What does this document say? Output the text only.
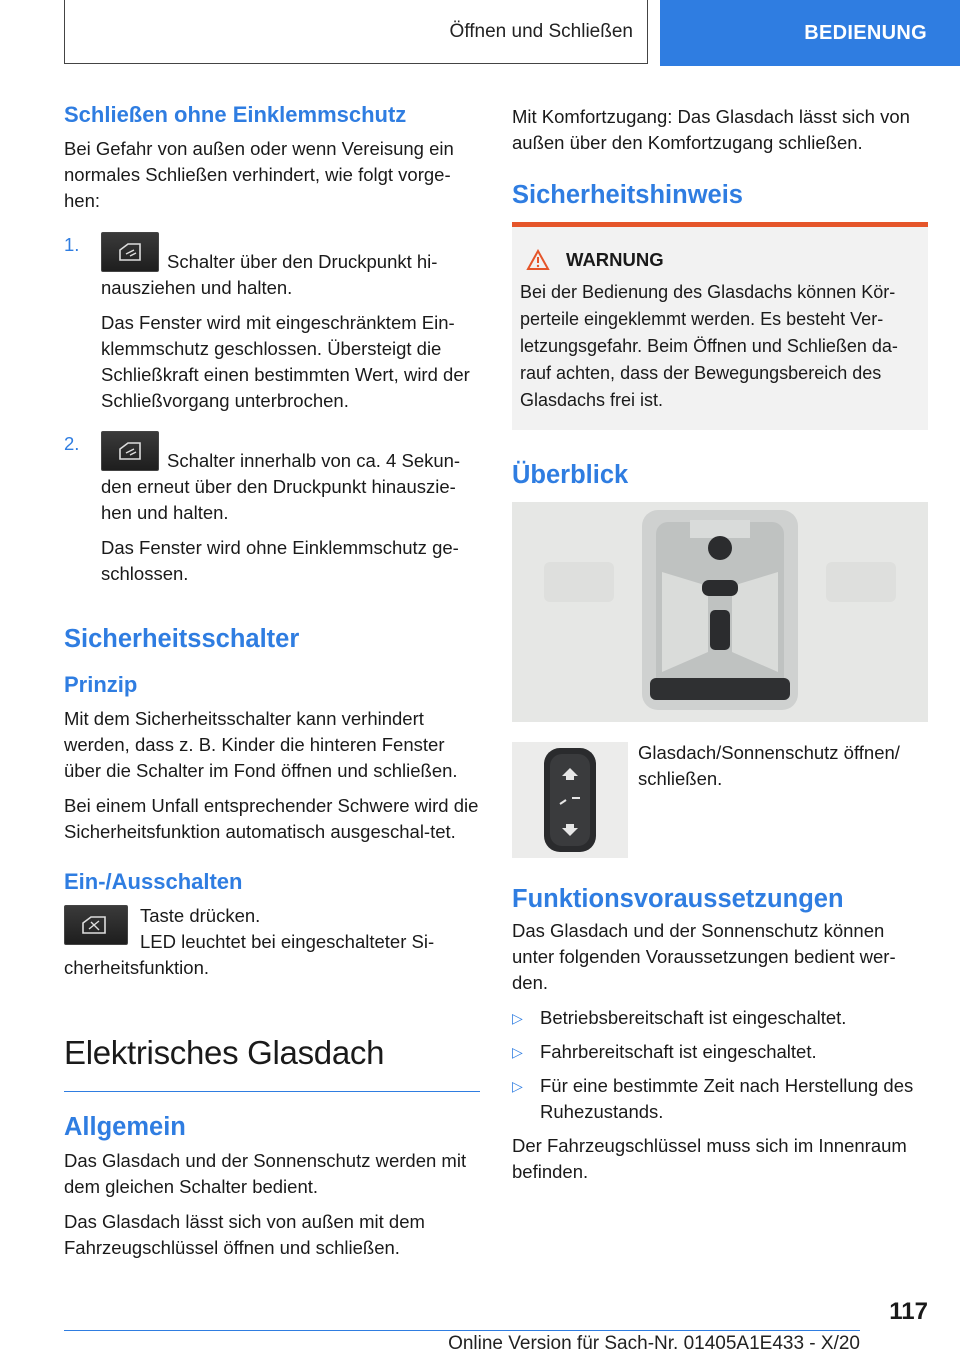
Öffnen und Schließen	BEDIENUNG
Schließen ohne Einklemmschutz

Bei Gefahr von außen oder wenn Vereisung ein normales Schließen verhindert, wie folgt vorge-hen:

1.

Schalter über den Druckpunkt hi-nausziehen und halten.

Das Fenster wird mit eingeschränktem Ein-klemmschutz geschlossen. Übersteigt die Schließkraft einen bestimmten Wert, wird der Schließvorgang unterbrochen.

2.

Schalter innerhalb von ca. 4 Sekun-den erneut über den Druckpunkt hinauszie-hen und halten.

Das Fenster wird ohne Einklemmschutz ge-schlossen.

Sicherheitsschalter
Prinzip

Mit dem Sicherheitsschalter kann verhindert werden, dass z. B. Kinder die hinteren Fenster über die Schalter im Fond öffnen und schließen.

Bei einem Unfall entsprechender Schwere wird die Sicherheitsfunktion automatisch ausgeschal-tet.

Ein-/Ausschalten

Taste drücken.

LED leuchtet bei eingeschalteter Si-cherheitsfunktion.

Elektrisches Glasdach
Allgemein

Das Glasdach und der Sonnenschutz werden mit dem gleichen Schalter bedient.

Das Glasdach lässt sich von außen mit dem Fahrzeugschlüssel öffnen und schließen.

Mit Komfortzugang: Das Glasdach lässt sich von außen über den Komfortzugang schließen.

Sicherheitshinweis
WARNUNG

Bei der Bedienung des Glasdachs können Kör-perteile eingeklemmt werden. Es besteht Ver-letzungsgefahr. Beim Öffnen und Schließen da-rauf achten, dass der Bewegungsbereich des Glasdachs frei ist.

Überblick

Glasdach/Sonnenschutz öffnen/ schließen.

Funktionsvoraussetzungen

Das Glasdach und der Sonnenschutz können unter folgenden Voraussetzungen bedient wer-den.

▷ Betriebsbereitschaft ist eingeschaltet.

▷ Fahrbereitschaft ist eingeschaltet.

▷ Für eine bestimmte Zeit nach Herstellung des Ruhezustands.

Der Fahrzeugschlüssel muss sich im Innenraum befinden.

117
Online Version für Sach-Nr. 01405A1E433 - X/20
